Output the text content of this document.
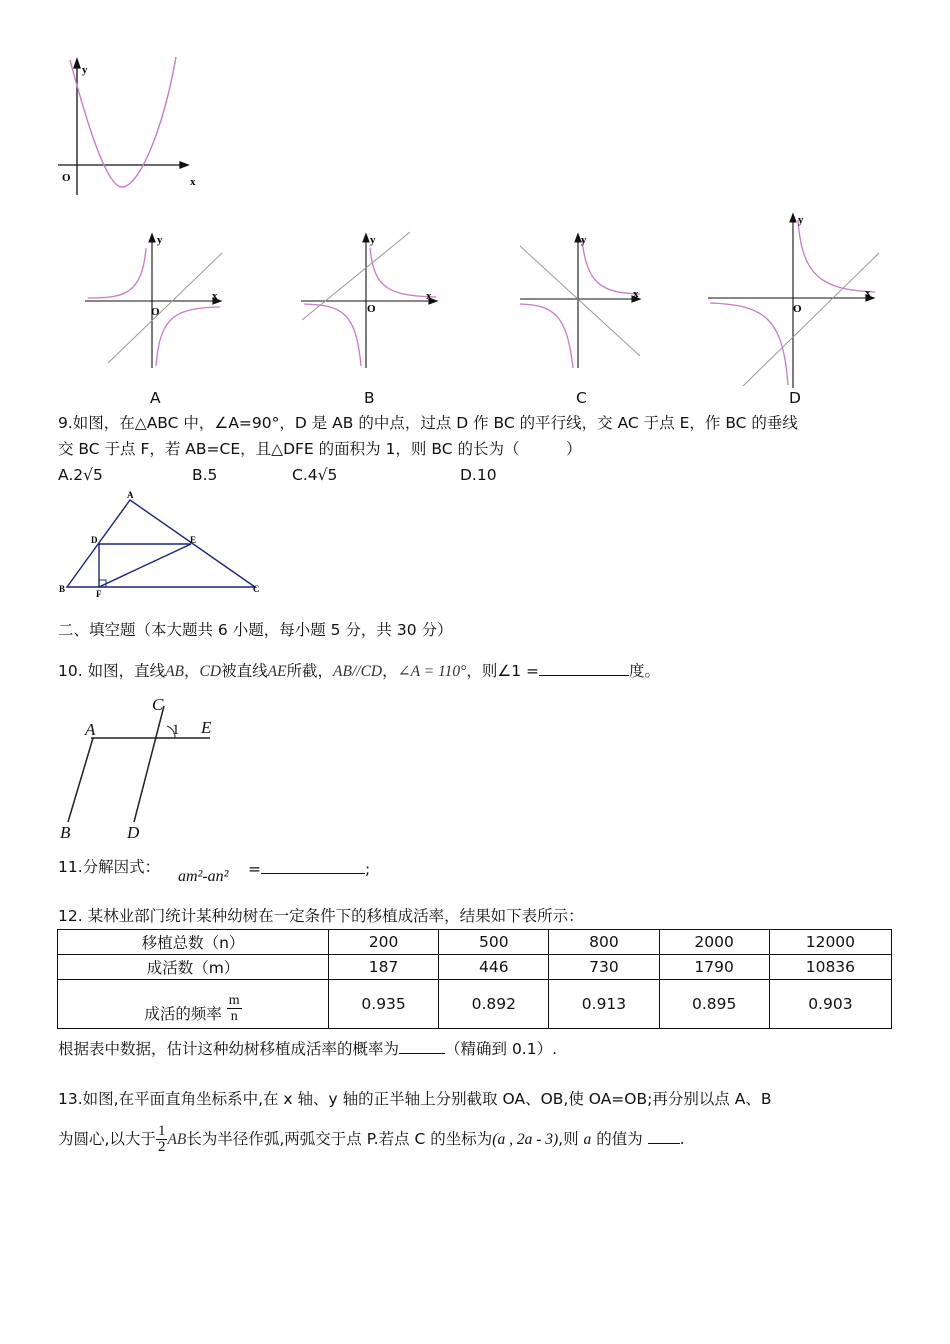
y
x
O
y
x
O
y
x
O
y
x
y
x
O
A	B	C	D
9.如图，在△ABC 中，∠A=90°，D 是 AB 的中点，过点 D 作 BC 的平行线，交 AC 于点 E，作 BC 的垂线
交 BC 于点 F，若 AB=CE，且△DFE 的面积为 1，则 BC 的长为（　　　）
A.2√5	B.5	C.4√5	D.10
A
D	E
B	F	C
二、填空题（本大题共 6 小题，每小题 5 分，共 30 分）
10. 如图，直线AB，CD被直线AE所截，AB//CD，∠A = 110°，则∠1 =	度。
A
C
E
B	D
1
11.分解因式：
am²-an² =	;
12. 某林业部门统计某种幼树在一定条件下的移植成活率，结果如下表所示：
移植总数（n）	200	500	800	2000	12000
成活数（m）	187	446	730	1790	10836
成活的频率 $\frac{m}{n}$	0.935	0.892	0.913	0.895	0.903
根据表中数据，估计这种幼树移植成活率的概率为	（精确到 0.1）.
13.如图,在平面直角坐标系中,在 x 轴、y 轴的正半轴上分别截取 OA、OB,使 OA=OB;再分别以点 A、B
为圆心,以大于 $\frac{1}{2}$ AB长为半径作弧,两弧交于点 P.若点 C 的坐标为(a , 2a - 3),则 a 的值为 .
